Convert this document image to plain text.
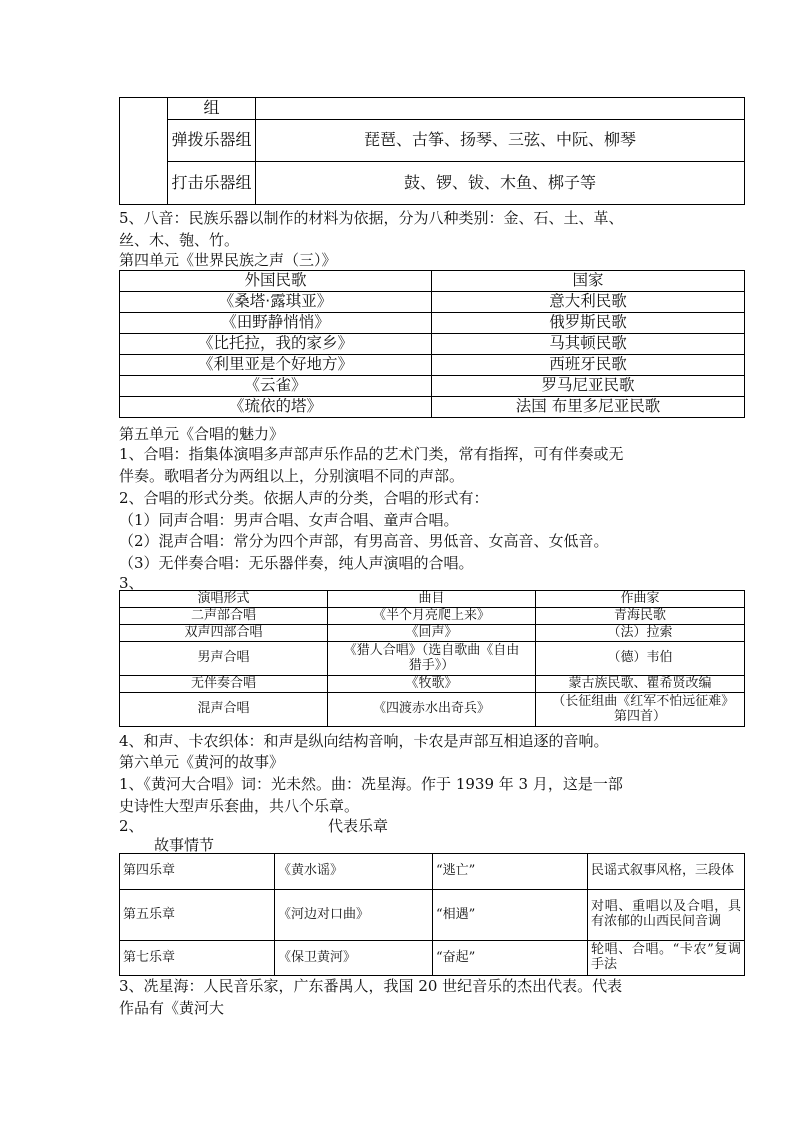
	组	
	弹拨乐器组	琵琶、古筝、扬琴、三弦、中阮、柳琴
	打击乐器组	鼓、锣、钹、木鱼、梆子等
5、八音：民族乐器以制作的材料为依据，分为八种类别：金、石、土、革、
丝、木、匏、竹。
第四单元《世界民族之声（三）》
外国民歌	国家
《桑塔·露琪亚》	意大利民歌
《田野静悄悄》	俄罗斯民歌
《比托拉，我的家乡》	马其顿民歌
《利里亚是个好地方》	西班牙民歌
《云雀》	罗马尼亚民歌
《琉依的塔》	法国 布里多尼亚民歌
第五单元《合唱的魅力》
1、合唱：指集体演唱多声部声乐作品的艺术门类，常有指挥，可有伴奏或无
伴奏。歌唱者分为两组以上，分别演唱不同的声部。
2、合唱的形式分类。依据人声的分类，合唱的形式有：
（1）同声合唱：男声合唱、女声合唱、童声合唱。
（2）混声合唱：常分为四个声部，有男高音、男低音、女高音、女低音。
（3）无伴奏合唱：无乐器伴奏，纯人声演唱的合唱。
3、
演唱形式	曲目	作曲家
二声部合唱	《半个月亮爬上来》	青海民歌
双声四部合唱	《回声》	（法）拉索
男声合唱	《猎人合唱》（选自歌曲《自由猎手》）	（德）韦伯
无伴奏合唱	《牧歌》	蒙古族民歌、瞿希贤改编
混声合唱	《四渡赤水出奇兵》	（长征组曲《红军不怕远征难》第四首）
4、和声、卡农织体：和声是纵向结构音响，卡农是声部互相追逐的音响。
第六单元《黄河的故事》
1、《黄河大合唱》词：光未然。曲：冼星海。作于 1939 年 3 月，这是一部
史诗性大型声乐套曲，共八个乐章。
2、	代表乐章
故事情节
第四乐章	《黄水谣》	“逃亡”	民谣式叙事风格，三段体
第五乐章	《河边对口曲》	“相遇”	对唱、重唱以及合唱，具有浓郁的山西民间音调
第七乐章	《保卫黄河》	“奋起”	轮唱、合唱。“卡农”复调手法
3、冼星海：人民音乐家，广东番禺人，我国 20 世纪音乐的杰出代表。代表
作品有《黄河大
